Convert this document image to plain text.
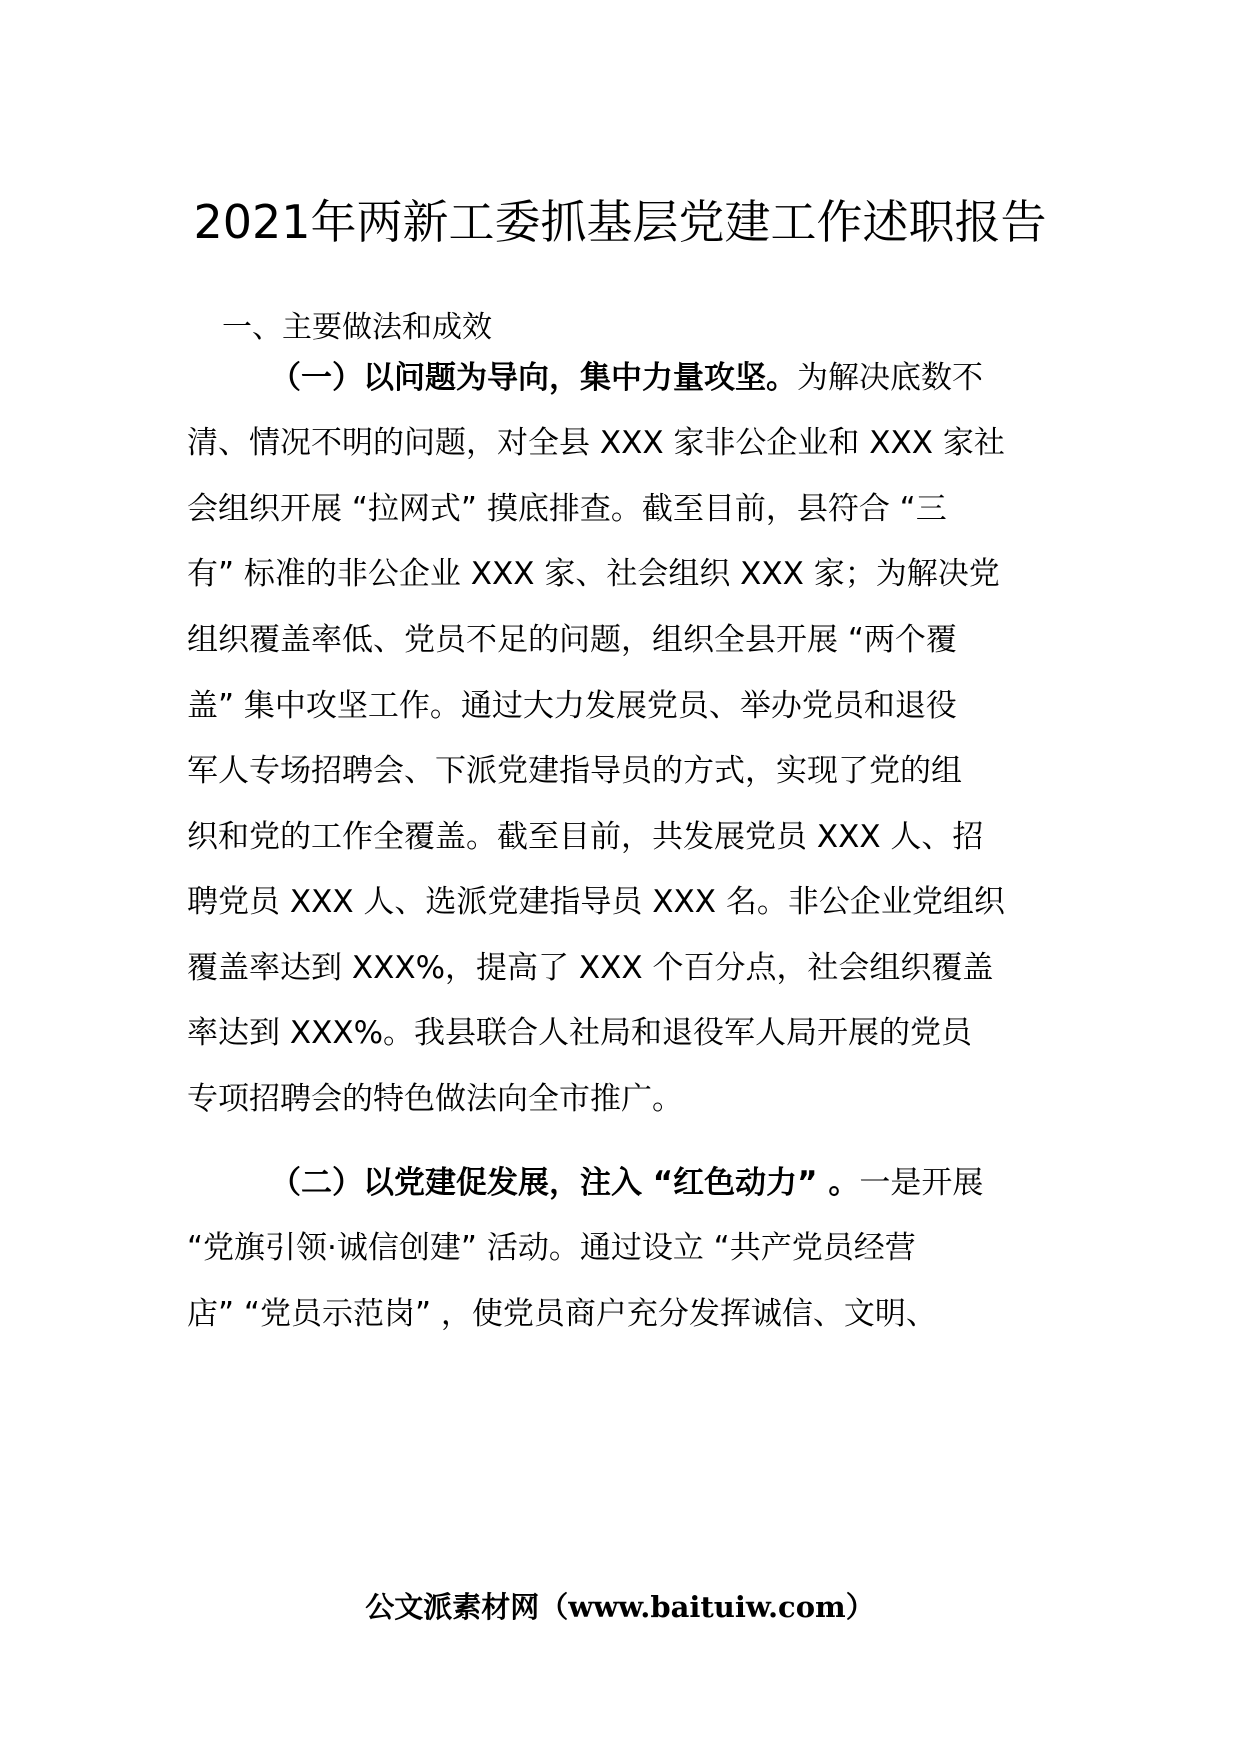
2021年两新工委抓基层党建工作述职报告
一、主要做法和成效
（一）以问题为导向，集中力量攻坚。为解决底数不
清、情况不明的问题，对全县 XXX 家非公企业和 XXX 家社
会组织开展 “拉网式” 摸底排查。截至目前，县符合 “三
有” 标准的非公企业 XXX 家、社会组织 XXX 家；为解决党
组织覆盖率低、党员不足的问题，组织全县开展 “两个覆
盖” 集中攻坚工作。通过大力发展党员、举办党员和退役
军人专场招聘会、下派党建指导员的方式，实现了党的组
织和党的工作全覆盖。截至目前，共发展党员 XXX 人、招
聘党员 XXX 人、选派党建指导员 XXX 名。非公企业党组织
覆盖率达到 XXX%，提高了 XXX 个百分点，社会组织覆盖
率达到 XXX%。我县联合人社局和退役军人局开展的党员
专项招聘会的特色做法向全市推广。
（二）以党建促发展，注入 “红色动力” 。一是开展
“党旗引领·诚信创建” 活动。通过设立 “共产党员经营
店” “党员示范岗” ，使党员商户充分发挥诚信、文明、
公文派素材网（www.baituiw.com）
